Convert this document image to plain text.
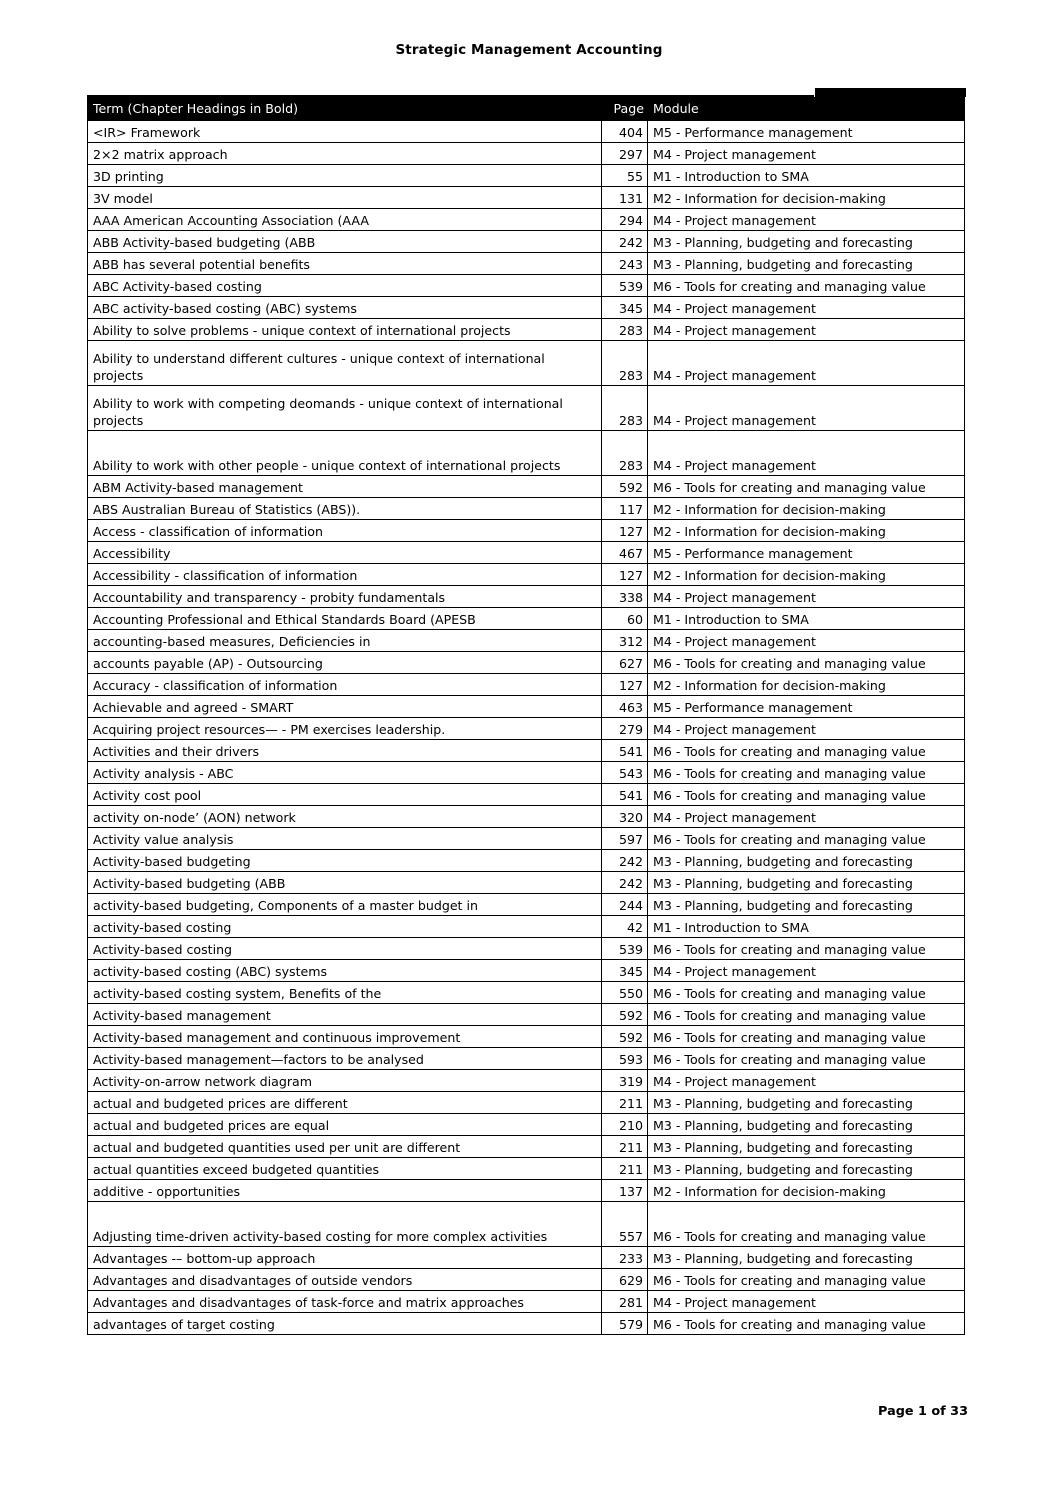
Strategic Management Accounting
Term (Chapter Headings in Bold)	Page	Module

<IR> Framework	404	M5 - Performance management
2×2 matrix approach	297	M4 - Project management
3D printing	55	M1 - Introduction to SMA
3V model	131	M2 - Information for decision-making
AAA American Accounting Association (AAA	294	M4 - Project management
ABB Activity-based budgeting (ABB	242	M3 - Planning, budgeting and forecasting
ABB has several potential benefits	243	M3 - Planning, budgeting and forecasting
ABC Activity-based costing	539	M6 - Tools for creating and managing value
ABC activity-based costing (ABC) systems	345	M4 - Project management
Ability to solve problems - unique context of international projects	283	M4 - Project management
Ability to understand different cultures - unique context of international projects	283	M4 - Project management
Ability to work with competing deomands - unique context of international projects	283	M4 - Project management
Ability to work with other people - unique context of international projects	283	M4 - Project management
ABM Activity-based management	592	M6 - Tools for creating and managing value
ABS Australian Bureau of Statistics (ABS)).	117	M2 - Information for decision-making
Access - classification of information	127	M2 - Information for decision-making
Accessibility	467	M5 - Performance management
Accessibility - classification of information	127	M2 - Information for decision-making
Accountability and transparency - probity fundamentals	338	M4 - Project management
Accounting Professional and Ethical Standards Board (APESB	60	M1 - Introduction to SMA
accounting-based measures, Deficiencies in	312	M4 - Project management
accounts payable (AP) - Outsourcing	627	M6 - Tools for creating and managing value
Accuracy - classification of information	127	M2 - Information for decision-making
Achievable and agreed - SMART	463	M5 - Performance management
Acquiring project resources— - PM exercises leadership.	279	M4 - Project management
Activities and their drivers	541	M6 - Tools for creating and managing value
Activity analysis - ABC	543	M6 - Tools for creating and managing value
Activity cost pool	541	M6 - Tools for creating and managing value
activity on-node’ (AON) network	320	M4 - Project management
Activity value analysis	597	M6 - Tools for creating and managing value
Activity-based budgeting	242	M3 - Planning, budgeting and forecasting
Activity-based budgeting (ABB	242	M3 - Planning, budgeting and forecasting
activity-based budgeting, Components of a master budget in	244	M3 - Planning, budgeting and forecasting
activity-based costing	42	M1 - Introduction to SMA
Activity-based costing	539	M6 - Tools for creating and managing value
activity-based costing (ABC) systems	345	M4 - Project management
activity-based costing system, Benefits of the	550	M6 - Tools for creating and managing value
Activity-based management	592	M6 - Tools for creating and managing value
Activity-based management and continuous improvement	592	M6 - Tools for creating and managing value
Activity-based management—factors to be analysed	593	M6 - Tools for creating and managing value
Activity-on-arrow network diagram	319	M4 - Project management
actual and budgeted prices are different	211	M3 - Planning, budgeting and forecasting
actual and budgeted prices are equal	210	M3 - Planning, budgeting and forecasting
actual and budgeted quantities used per unit are different	211	M3 - Planning, budgeting and forecasting
actual quantities exceed budgeted quantities	211	M3 - Planning, budgeting and forecasting
additive - opportunities	137	M2 - Information for decision-making
Adjusting time-driven activity-based costing for more complex activities	557	M6 - Tools for creating and managing value
Advantages -– bottom-up approach	233	M3 - Planning, budgeting and forecasting
Advantages and disadvantages of outside vendors	629	M6 - Tools for creating and managing value
Advantages and disadvantages of task-force and matrix approaches	281	M4 - Project management
advantages of target costing	579	M6 - Tools for creating and managing value
Page 1 of 33
